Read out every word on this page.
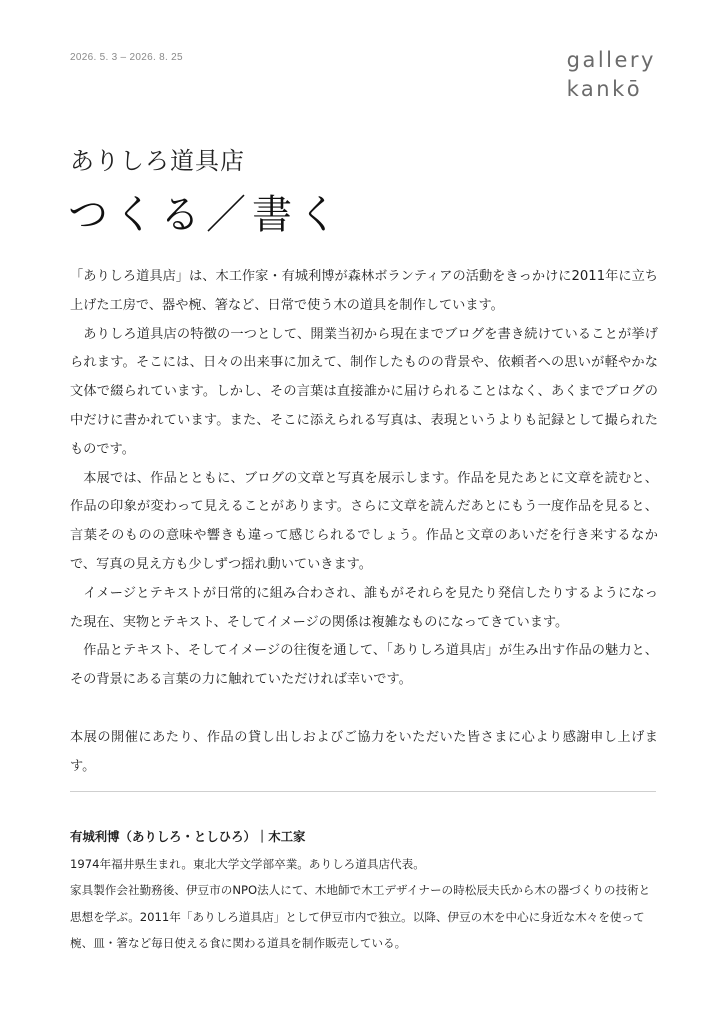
2026. 5. 3 – 2026. 8. 25	gallery
kankō
ありしろ道具店
つくる／書く

「ありしろ道具店」は、木工作家・有城利博が森林ボランティアの活動をきっかけに2011年に立ち上げた工房で、器や椀、箸など、日常で使う木の道具を制作しています。

ありしろ道具店の特徴の一つとして、開業当初から現在までブログを書き続けていることが挙げられます。そこには、日々の出来事に加えて、制作したものの背景や、依頼者への思いが軽やかな文体で綴られています。しかし、その言葉は直接誰かに届けられることはなく、あくまでブログの中だけに書かれています。また、そこに添えられる写真は、表現というよりも記録として撮られたものです。

本展では、作品とともに、ブログの文章と写真を展示します。作品を見たあとに文章を読むと、作品の印象が変わって見えることがあります。さらに文章を読んだあとにもう一度作品を見ると、言葉そのものの意味や響きも違って感じられるでしょう。作品と文章のあいだを行き来するなかで、写真の見え方も少しずつ揺れ動いていきます。

イメージとテキストが日常的に組み合わされ、誰もがそれらを見たり発信したりするようになった現在、実物とテキスト、そしてイメージの関係は複雑なものになってきています。

作品とテキスト、そしてイメージの往復を通して、「ありしろ道具店」が生み出す作品の魅力と、その背景にある言葉の力に触れていただければ幸いです。

本展の開催にあたり、作品の貸し出しおよびご協力をいただいた皆さまに心より感謝申し上げます。

有城利博（ありしろ・としひろ）｜木工家

1974年福井県生まれ。東北大学文学部卒業。ありしろ道具店代表。

家具製作会社勤務後、伊豆市のNPO法人にて、木地師で木工デザイナーの時松辰夫氏から木の器づくりの技術と思想を学ぶ。2011年「ありしろ道具店」として伊豆市内で独立。以降、伊豆の木を中心に身近な木々を使って椀、皿・箸など毎日使える食に関わる道具を制作販売している。
